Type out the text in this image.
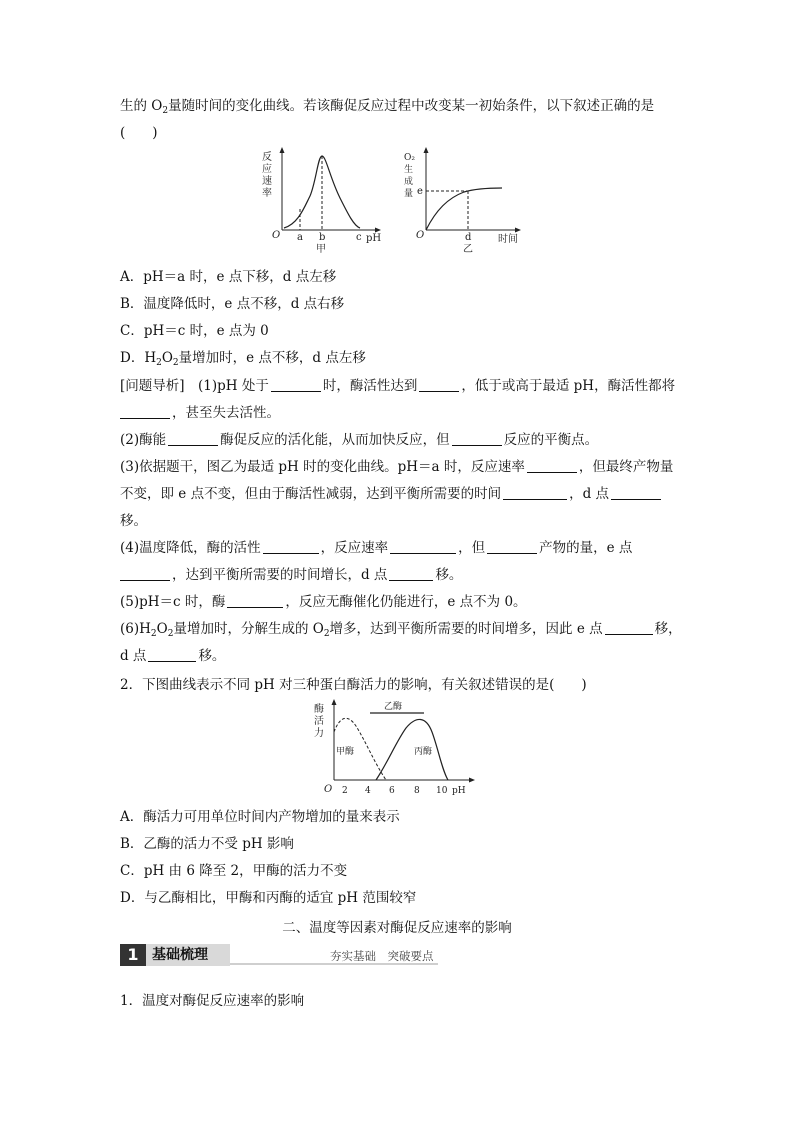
生的 $O_2$量随时间的变化曲线。若该酶促反应过程中改变某一初始条件，以下叙述正确的是
(　　)
反
应
速
率
O a b	c pH
甲
O₂
生
成
量
O
e
d	时间
乙
A．pH＝a 时，e 点下移，d 点左移
B．温度降低时，e 点不移，d 点右移
C．pH＝c 时，e 点为 0
D．$H_2O_2$量增加时，e 点不移，d 点左移
[问题导析]　(1)pH 处于	时，酶活性达到	，低于或高于最适 pH，酶活性都将
，甚至失去活性。
(2)酶能	酶促反应的活化能，从而加快反应，但	反应的平衡点。
(3)依据题干，图乙为最适 pH 时的变化曲线。pH＝a 时，反应速率	，但最终产物量
不变，即 e 点不变，但由于酶活性减弱，达到平衡所需要的时间	，d 点
移。
(4)温度降低，酶的活性	，反应速率	，但	产物的量，e 点
，达到平衡所需要的时间增长，d 点	移。
(5)pH＝c 时，酶	，反应无酶催化仍能进行，e 点不为 0。
$(6)H_2O_2$量增加时，分解生成的 $O_2$增多，达到平衡所需要的时间增多，因此 e 点	移，
d 点	移。
2．下图曲线表示不同 pH 对三种蛋白酶活力的影响，有关叙述错误的是(　　)
酶
活
力
乙酶
甲酶	丙酶
O 2 4 6 8 10 pH
A．酶活力可用单位时间内产物增加的量来表示
B．乙酶的活力不受 pH 影响
C．pH 由 6 降至 2，甲酶的活力不变
D．与乙酶相比，甲酶和丙酶的适宜 pH 范围较窄
二、温度等因素对酶促反应速率的影响
1 基础梳理	夯实基础　突破要点
1．温度对酶促反应速率的影响
